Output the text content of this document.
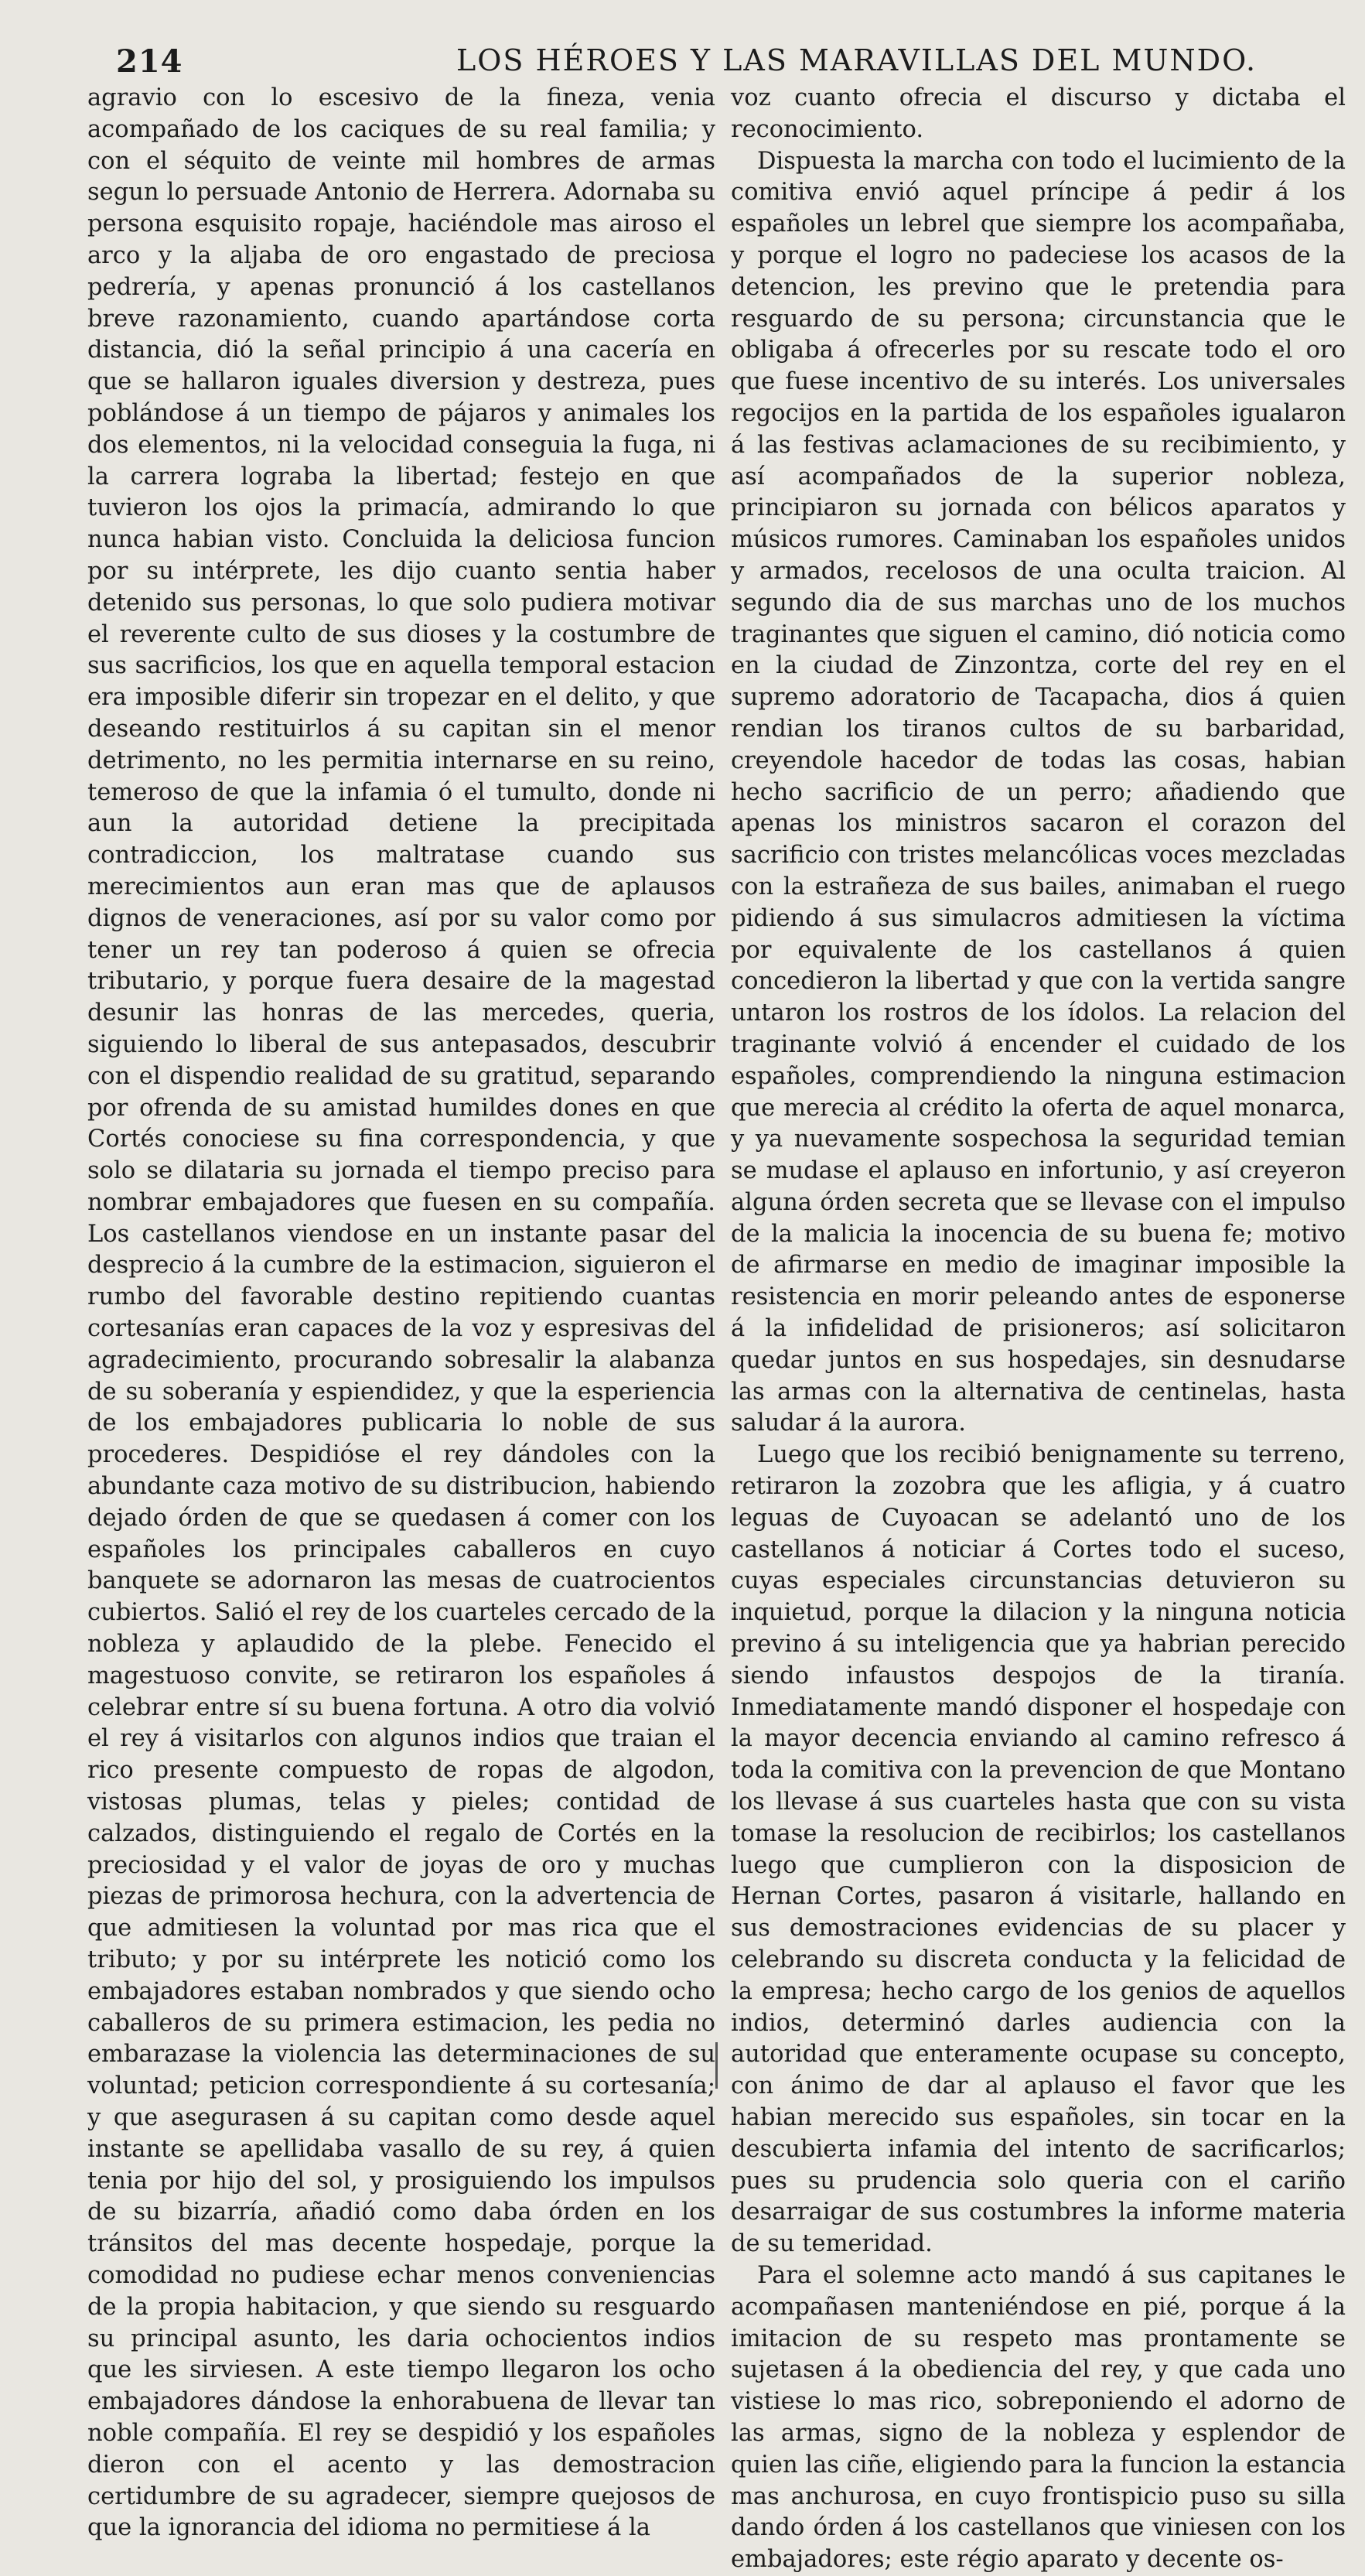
214	LOS HÉROES Y LAS MARAVILLAS DEL MUNDO.

agravio con lo escesivo de la fineza, venia acompañado de los caciques de su real familia; y con el séquito de veinte mil hombres de armas segun lo persuade Antonio de Herrera. Adornaba su persona esquisito ropaje, haciéndole mas airoso el arco y la aljaba de oro engastado de preciosa pedrería, y apenas pronunció á los castellanos breve razonamiento, cuando apartándose corta distancia, dió la señal principio á una cacería en que se hallaron iguales diversion y destreza, pues poblándose á un tiempo de pájaros y animales los dos elementos, ni la velocidad conseguia la fuga, ni la carrera lograba la libertad; festejo en que tuvieron los ojos la primacía, admirando lo que nunca habian visto. Concluida la deliciosa funcion por su intérprete, les dijo cuanto sentia haber detenido sus personas, lo que solo pudiera motivar el reverente culto de sus dioses y la costumbre de sus sacrificios, los que en aquella temporal estacion era imposible diferir sin tropezar en el delito, y que deseando restituirlos á su capitan sin el menor detrimento, no les permitia internarse en su reino, temeroso de que la infamia ó el tumulto, donde ni aun la autoridad detiene la precipitada contradiccion, los maltratase cuando sus merecimientos aun eran mas que de aplausos dignos de veneraciones, así por su valor como por tener un rey tan poderoso á quien se ofrecia tributario, y porque fuera desaire de la magestad desunir las honras de las mercedes, queria, siguiendo lo liberal de sus antepasados, descubrir con el dispendio realidad de su gratitud, separando por ofrenda de su amistad humildes dones en que Cortés conociese su fina correspondencia, y que solo se dilataria su jornada el tiempo preciso para nombrar embajadores que fuesen en su compañía. Los castellanos viendose en un instante pasar del desprecio á la cumbre de la estimacion, siguieron el rumbo del favorable destino repitiendo cuantas cortesanías eran capaces de la voz y espresivas del agradecimiento, procurando sobresalir la alabanza de su soberanía y espiendidez, y que la esperiencia de los embajadores publicaria lo noble de sus procederes. Despidióse el rey dándoles con la abundante caza motivo de su distribucion, habiendo dejado órden de que se quedasen á comer con los españoles los principales caballeros en cuyo banquete se adornaron las mesas de cuatrocientos cubiertos. Salió el rey de los cuarteles cercado de la nobleza y aplaudido de la plebe. Fenecido el magestuoso convite, se retiraron los españoles á celebrar entre sí su buena fortuna. A otro dia volvió el rey á visitarlos con algunos indios que traian el rico presente compuesto de ropas de algodon, vistosas plumas, telas y pieles; contidad de calzados, distinguiendo el regalo de Cortés en la preciosidad y el valor de joyas de oro y muchas piezas de primorosa hechura, con la advertencia de que admitiesen la voluntad por mas rica que el tributo; y por su intérprete les notició como los embajadores estaban nombrados y que siendo ocho caballeros de su primera estimacion, les pedia no embarazase la violencia las determinaciones de su voluntad; peticion correspondiente á su cortesanía; y que asegurasen á su capitan como desde aquel instante se apellidaba vasallo de su rey, á quien tenia por hijo del sol, y prosiguiendo los impulsos de su bizarría, añadió como daba órden en los tránsitos del mas decente hospedaje, porque la comodidad no pudiese echar menos conveniencias de la propia habitacion, y que siendo su resguardo su principal asunto, les daria ochocientos indios que les sirviesen. A este tiempo llegaron los ocho embajadores dándose la enhorabuena de llevar tan noble compañía. El rey se despidió y los españoles dieron con el acento y las demostracion certidumbre de su agradecer, siempre quejosos de que la ignorancia del idioma no permitiese á la

voz cuanto ofrecia el discurso y dictaba el reconocimiento.

Dispuesta la marcha con todo el lucimiento de la comitiva envió aquel príncipe á pedir á los españoles un lebrel que siempre los acompañaba, y porque el logro no padeciese los acasos de la detencion, les previno que le pretendia para resguardo de su persona; circunstancia que le obligaba á ofrecerles por su rescate todo el oro que fuese incentivo de su interés. Los universales regocijos en la partida de los españoles igualaron á las festivas aclamaciones de su recibimiento, y así acompañados de la superior nobleza, principiaron su jornada con bélicos aparatos y músicos rumores. Caminaban los españoles unidos y armados, recelosos de una oculta traicion. Al segundo dia de sus marchas uno de los muchos traginantes que siguen el camino, dió noticia como en la ciudad de Zinzontza, corte del rey en el supremo adoratorio de Tacapacha, dios á quien rendian los tiranos cultos de su barbaridad, creyendole hacedor de todas las cosas, habian hecho sacrificio de un perro; añadiendo que apenas los ministros sacaron el corazon del sacrificio con tristes melancólicas voces mezcladas con la estrañeza de sus bailes, animaban el ruego pidiendo á sus simulacros admitiesen la víctima por equivalente de los castellanos á quien concedieron la libertad y que con la vertida sangre untaron los rostros de los ídolos. La relacion del traginante volvió á encender el cuidado de los españoles, comprendiendo la ninguna estimacion que merecia al crédito la oferta de aquel monarca, y ya nuevamente sospechosa la seguridad temian se mudase el aplauso en infortunio, y así creyeron alguna órden secreta que se llevase con el impulso de la malicia la inocencia de su buena fe; motivo de afirmarse en medio de imaginar imposible la resistencia en morir peleando antes de esponerse á la infidelidad de prisioneros; así solicitaron quedar juntos en sus hospedajes, sin desnudarse las armas con la alternativa de centinelas, hasta saludar á la aurora.

Luego que los recibió benignamente su terreno, retiraron la zozobra que les afligia, y á cuatro leguas de Cuyoacan se adelantó uno de los castellanos á noticiar á Cortes todo el suceso, cuyas especiales circunstancias detuvieron su inquietud, porque la dilacion y la ninguna noticia previno á su inteligencia que ya habrian perecido siendo infaustos despojos de la tiranía. Inmediatamente mandó disponer el hospedaje con la mayor decencia enviando al camino refresco á toda la comitiva con la prevencion de que Montano los llevase á sus cuarteles hasta que con su vista tomase la resolucion de recibirlos; los castellanos luego que cumplieron con la disposicion de Hernan Cortes, pasaron á visitarle, hallando en sus demostraciones evidencias de su placer y celebrando su discreta conducta y la felicidad de la empresa; hecho cargo de los genios de aquellos indios, determinó darles audiencia con la autoridad que enteramente ocupase su concepto, con ánimo de dar al aplauso el favor que les habian merecido sus españoles, sin tocar en la descubierta infamia del intento de sacrificarlos; pues su prudencia solo queria con el cariño desarraigar de sus costumbres la informe materia de su temeridad.

Para el solemne acto mandó á sus capitanes le acompañasen manteniéndose en pié, porque á la imitacion de su respeto mas prontamente se sujetasen á la obediencia del rey, y que cada uno vistiese lo mas rico, sobreponiendo el adorno de las armas, signo de la nobleza y esplendor de quien las ciñe, eligiendo para la funcion la estancia mas anchurosa, en cuyo frontispicio puso su silla dando órden á los castellanos que viniesen con los embajadores; este régio aparato y decente os-
